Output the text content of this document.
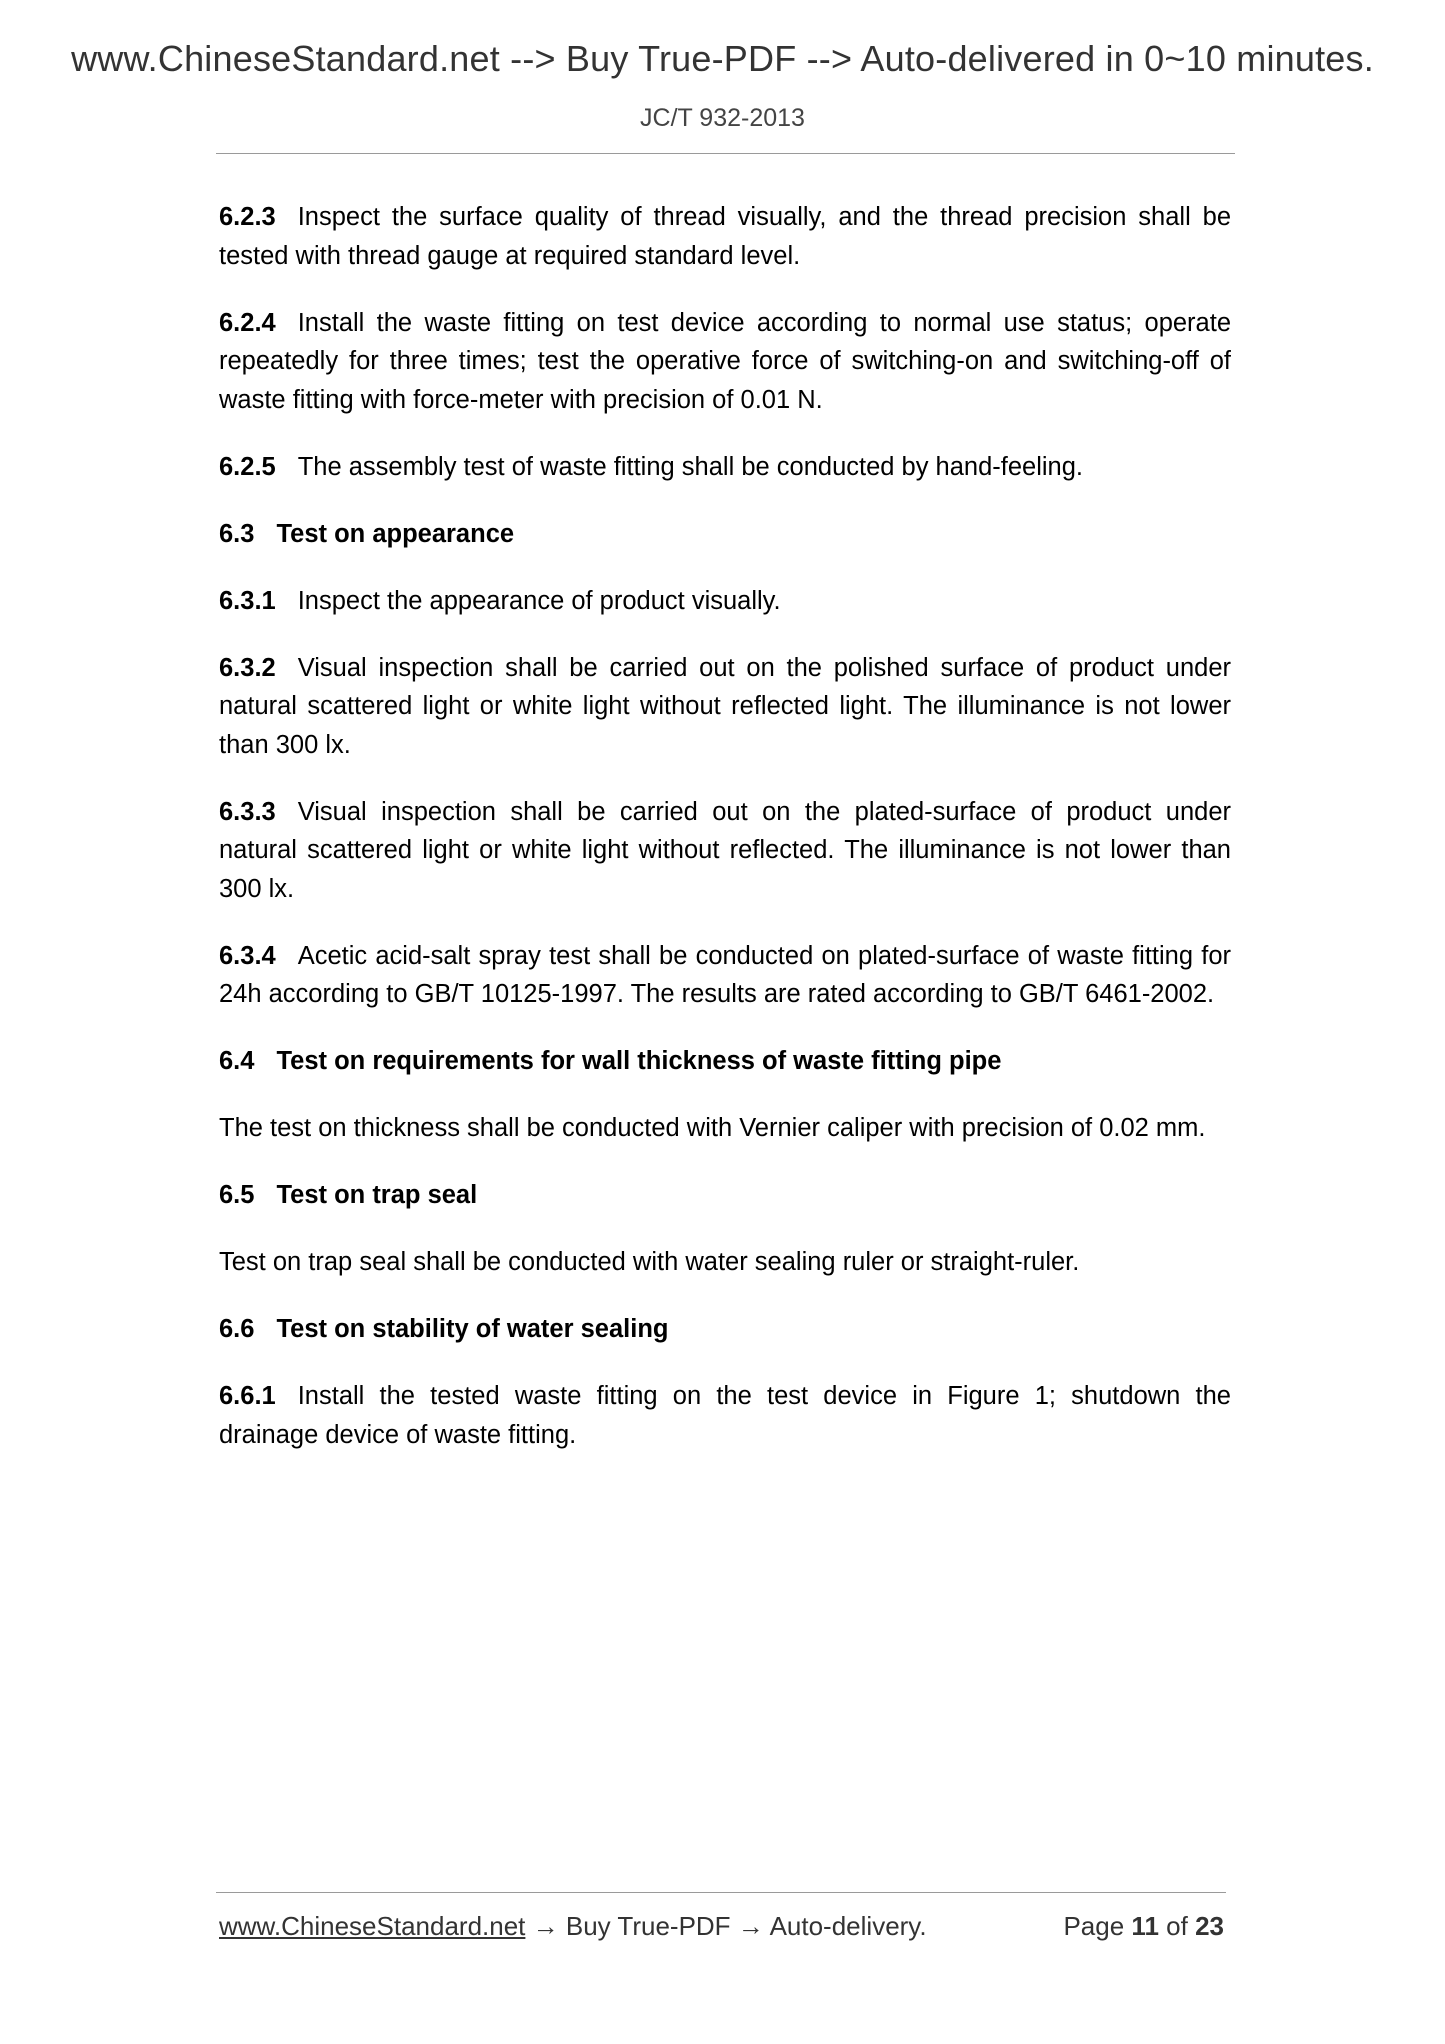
www.ChineseStandard.net --> Buy True-PDF --> Auto-delivered in 0~10 minutes.
JC/T 932-2013

6.2.3 Inspect the surface quality of thread visually, and the thread precision shall be tested with thread gauge at required standard level.

6.2.4 Install the waste fitting on test device according to normal use status; operate repeatedly for three times; test the operative force of switching-on and switching-off of waste fitting with force-meter with precision of 0.01 N.

6.2.5 The assembly test of waste fitting shall be conducted by hand-feeling.

6.3 Test on appearance

6.3.1 Inspect the appearance of product visually.

6.3.2 Visual inspection shall be carried out on the polished surface of product under natural scattered light or white light without reflected light. The illuminance is not lower than 300 lx.

6.3.3 Visual inspection shall be carried out on the plated-surface of product under natural scattered light or white light without reflected. The illuminance is not lower than 300 lx.

6.3.4 Acetic acid-salt spray test shall be conducted on plated-surface of waste fitting for 24h according to GB/T 10125-1997. The results are rated according to GB/T 6461-2002.

6.4 Test on requirements for wall thickness of waste fitting pipe

The test on thickness shall be conducted with Vernier caliper with precision of 0.02 mm.

6.5 Test on trap seal

Test on trap seal shall be conducted with water sealing ruler or straight-ruler.

6.6 Test on stability of water sealing

6.6.1 Install the tested waste fitting on the test device in Figure 1; shutdown the drainage device of waste fitting.

www.ChineseStandard.net → Buy True-PDF → Auto-delivery.	Page 11 of 23
